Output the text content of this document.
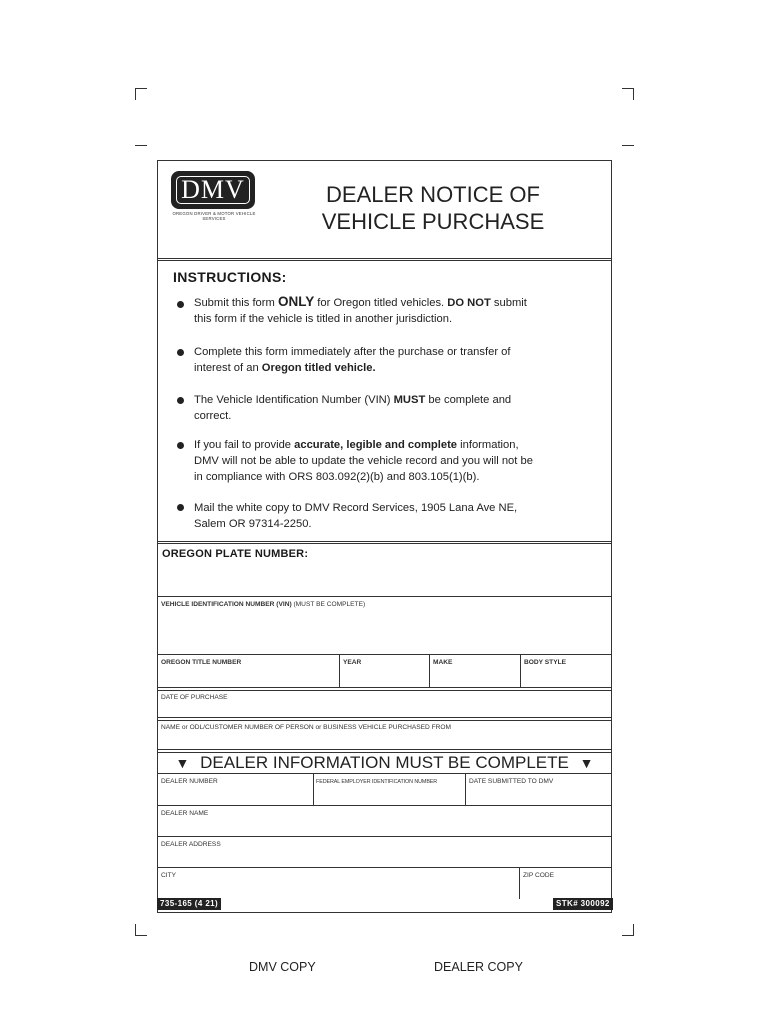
DMV
OREGON DRIVER & MOTOR VEHICLE SERVICES
DEALER NOTICE OF
VEHICLE PURCHASE
INSTRUCTIONS:
Submit this form ONLY for Oregon titled vehicles. DO NOT submit
this form if the vehicle is titled in another jurisdiction.
Complete this form immediately after the purchase or transfer of
interest of an Oregon titled vehicle.
The Vehicle Identification Number (VIN) MUST be complete and
correct.
If you fail to provide accurate, legible and complete information,
DMV will not be able to update the vehicle record and you will not be
in compliance with ORS 803.092(2)(b) and 803.105(1)(b).
Mail the white copy to DMV Record Services, 1905 Lana Ave NE,
Salem OR 97314-2250.
OREGON PLATE NUMBER:
VEHICLE IDENTIFICATION NUMBER (VIN) (MUST BE COMPLETE)
OREGON TITLE NUMBER	YEAR	MAKE	BODY STYLE
DATE OF PURCHASE
NAME or ODL/CUSTOMER NUMBER OF PERSON or BUSINESS VEHICLE PURCHASED FROM
▼ DEALER INFORMATION MUST BE COMPLETE ▼
DEALER NUMBER	FEDERAL EMPLOYER IDENTIFICATION NUMBER	DATE SUBMITTED TO DMV
DEALER NAME
DEALER ADDRESS
CITY	ZIP CODE
735-165 (4 21)	STK# 300092
DMV COPY	DEALER COPY
